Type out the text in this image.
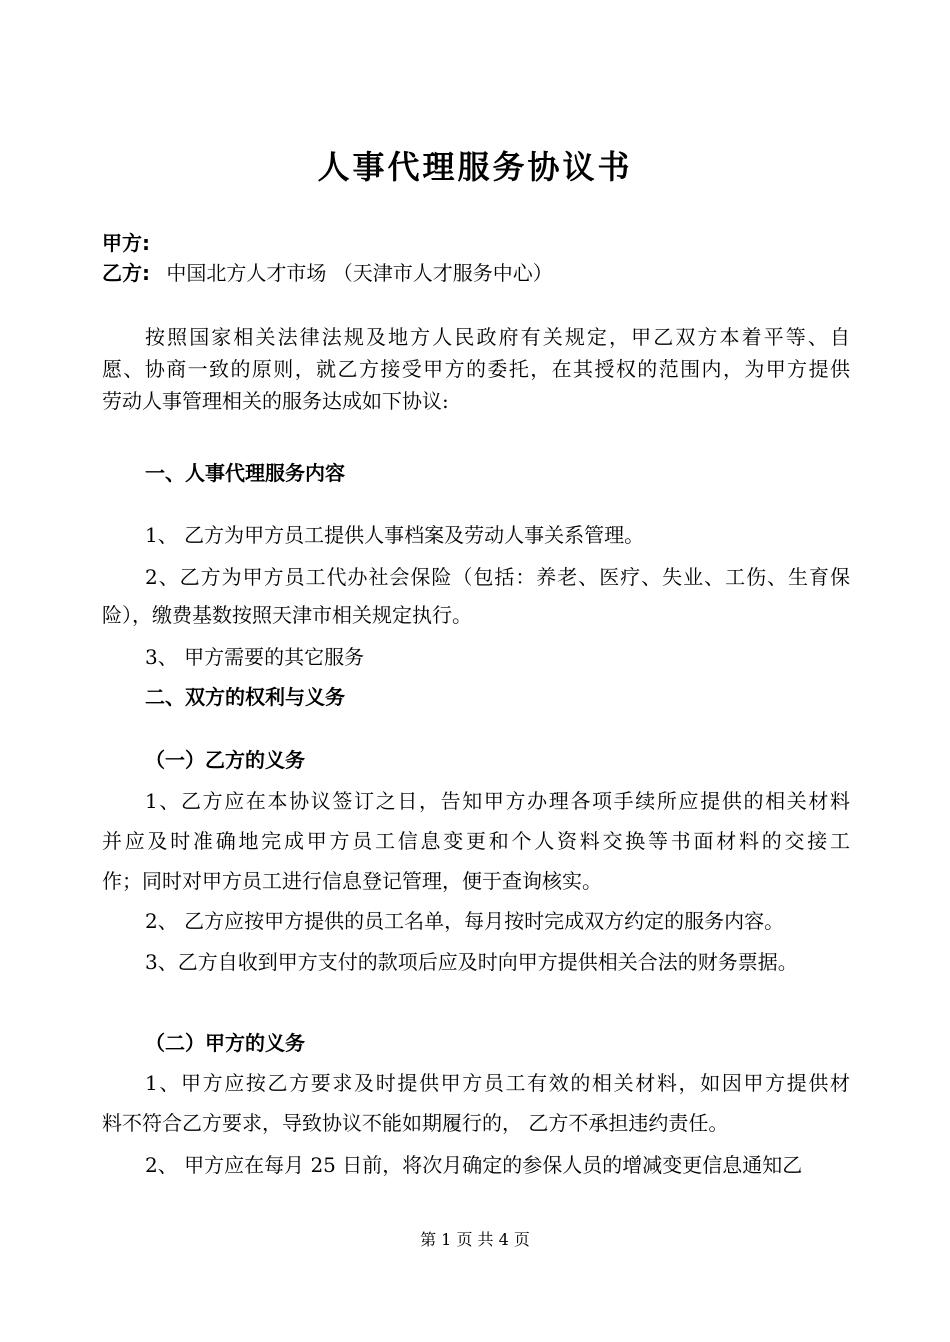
人事代理服务协议书
甲方:
乙方: 中国北方人才市场 （天津市人才服务中心）
按照国家相关法律法规及地方人民政府有关规定，甲乙双方本着平等、自
愿、协商一致的原则，就乙方接受甲方的委托，在其授权的范围内，为甲方提供
劳动人事管理相关的服务达成如下协议:
一、人事代理服务内容
1、 乙方为甲方员工提供人事档案及劳动人事关系管理。
2、乙方为甲方员工代办社会保险（包括：养老、医疗、失业、工伤、生育保
险），缴费基数按照天津市相关规定执行。
3、 甲方需要的其它服务
二、双方的权利与义务
（一）乙方的义务
1、乙方应在本协议签订之日，告知甲方办理各项手续所应提供的相关材料
并应及时准确地完成甲方员工信息变更和个人资料交换等书面材料的交接工
作；同时对甲方员工进行信息登记管理，便于查询核实。
2、 乙方应按甲方提供的员工名单，每月按时完成双方约定的服务内容。
3、乙方自收到甲方支付的款项后应及时向甲方提供相关合法的财务票据。
（二）甲方的义务
1、甲方应按乙方要求及时提供甲方员工有效的相关材料，如因甲方提供材
料不符合乙方要求，导致协议不能如期履行的， 乙方不承担违约责任。
2、 甲方应在每月 25 日前，将次月确定的参保人员的增减变更信息通知乙
第 1 页 共 4 页
